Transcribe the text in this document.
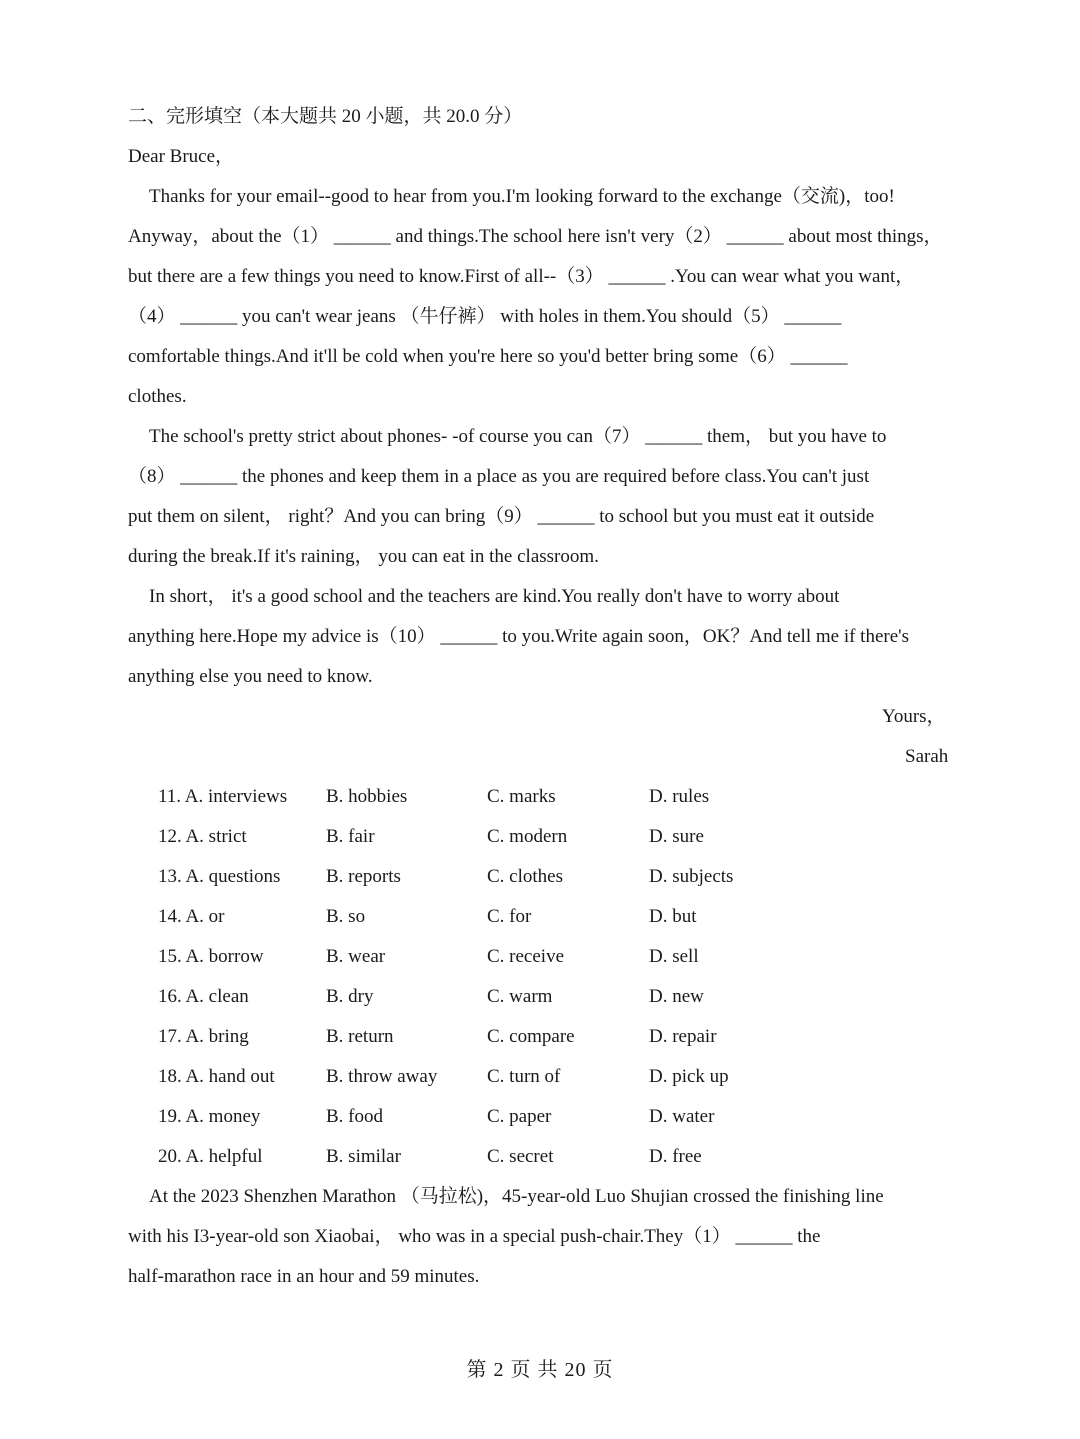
二、完形填空（本大题共 20 小题，共 20.0 分）
Dear Bruce，
Thanks for your email--good to hear from you.I'm looking forward to the exchange（交流)，too!
Anyway，about the（1） ______ and things.The school here isn't very（2） ______ about most things，
but there are a few things you need to know.First of all--（3） ______ .You can wear what you want，
（4） ______ you can't wear jeans （牛仔裤） with holes in them.You should（5） ______
comfortable things.And it'll be cold when you're here so you'd better bring some（6） ______
clothes.
The school's pretty strict about phones- -of course you can（7） ______ them， but you have to
（8） ______ the phones and keep them in a place as you are required before class.You can't just
put them on silent， right？And you can bring（9） ______ to school but you must eat it outside
during the break.If it's raining， you can eat in the classroom.
In short， it's a good school and the teachers are kind.You really don't have to worry about
anything here.Hope my advice is（10） ______ to you.Write again soon，OK？And tell me if there's
anything else you need to know.
Yours，
Sarah
11. A. interviews B. hobbies	C. marks	D. rules
12. A. strict	B. fair	C. modern	D. sure
13. A. questions B. reports	C. clothes	D. subjects
14. A. or	B. so	C. for	D. but
15. A. borrow	B. wear	C. receive	D. sell
16. A. clean	B. dry	C. warm	D. new
17. A. bring	B. return	C. compare	D. repair
18. A. hand out	B. throw away	C. turn of	D. pick up
19. A. money	B. food	C. paper	D. water
20. A. helpful	B. similar	C. secret	D. free
At the 2023 Shenzhen Marathon （马拉松)，45-year-old Luo Shujian crossed the finishing line
with his I3-year-old son Xiaobai， who was in a special push-chair.They（1） ______ the
half-marathon race in an hour and 59 minutes.
第 2 页 共 20 页
